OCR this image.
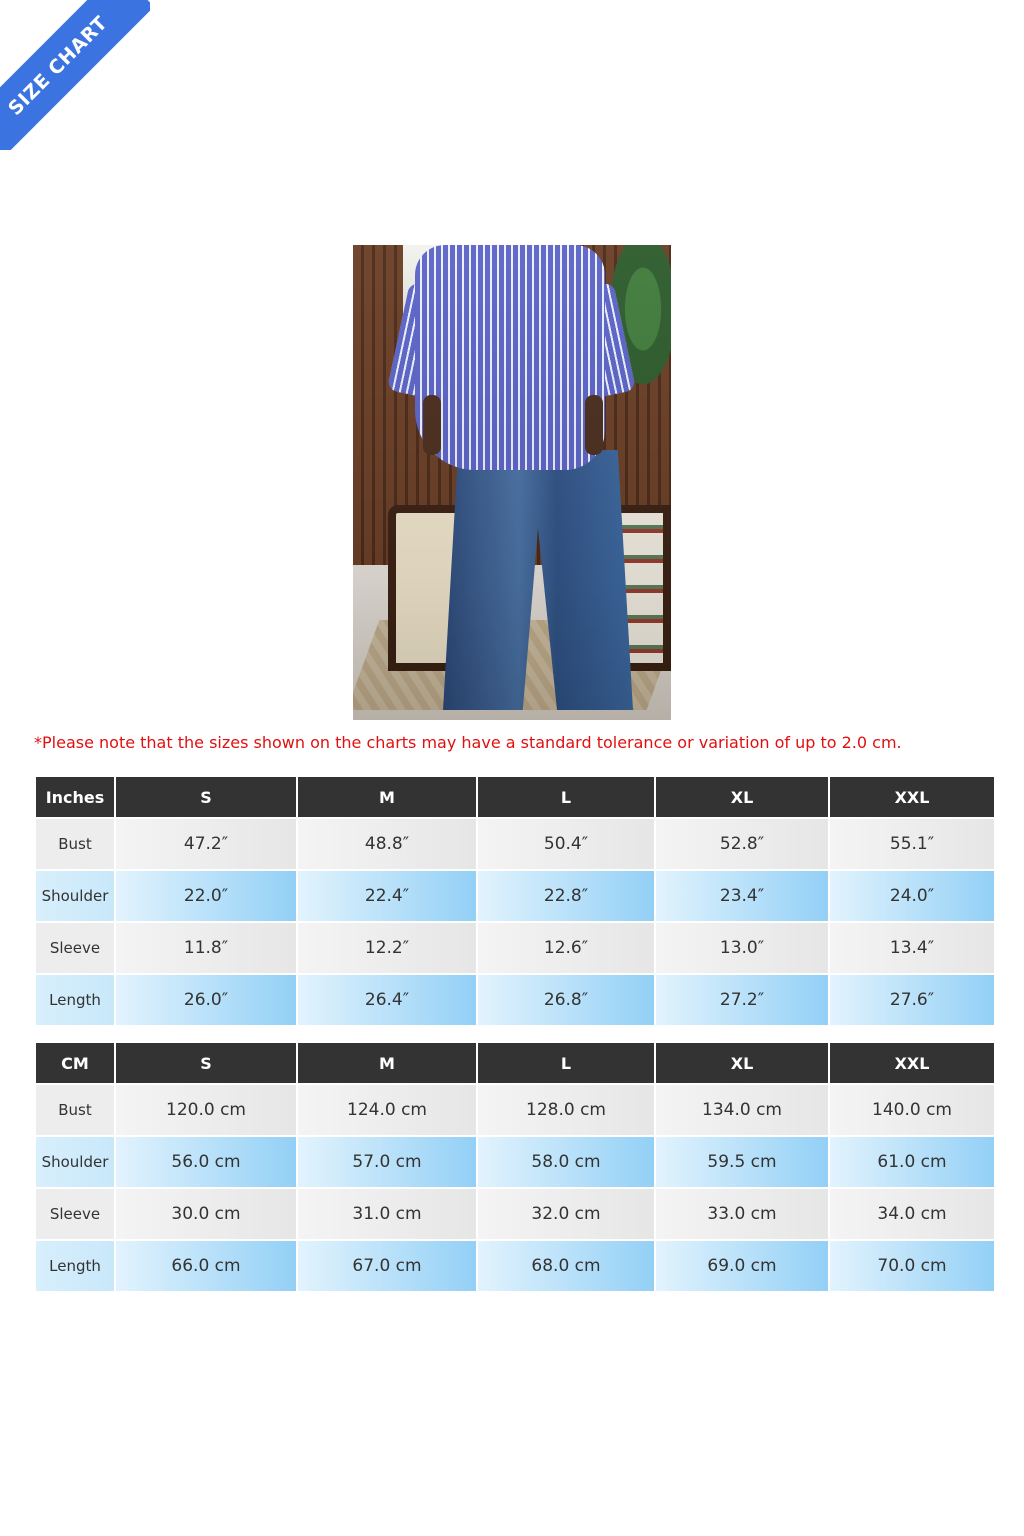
SIZE CHART
*Please note that the sizes shown on the charts may have a standard tolerance or variation of up to 2.0 cm.
Inches	S	M	L	XL	XXL
Bust	47.2″	48.8″	50.4″	52.8″	55.1″
Shoulder	22.0″	22.4″	22.8″	23.4″	24.0″
Sleeve	11.8″	12.2″	12.6″	13.0″	13.4″
Length	26.0″	26.4″	26.8″	27.2″	27.6″
CM	S	M	L	XL	XXL
Bust	120.0 cm	124.0 cm	128.0 cm	134.0 cm	140.0 cm
Shoulder	56.0 cm	57.0 cm	58.0 cm	59.5 cm	61.0 cm
Sleeve	30.0 cm	31.0 cm	32.0 cm	33.0 cm	34.0 cm
Length	66.0 cm	67.0 cm	68.0 cm	69.0 cm	70.0 cm
